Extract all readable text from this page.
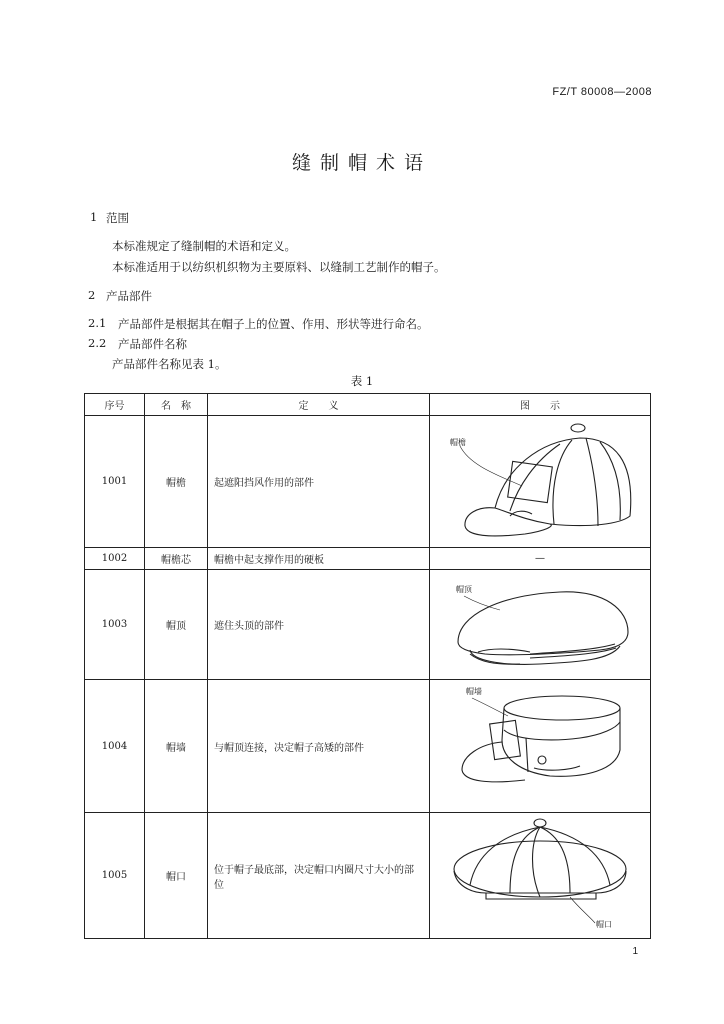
FZ/T 80008—2008
缝制帽术语
1 范围
本标准规定了缝制帽的术语和定义。
本标准适用于以纺织机织物为主要原料、以缝制工艺制作的帽子。
2 产品部件
2.1 产品部件是根据其在帽子上的位置、作用、形状等进行命名。
2.2 产品部件名称
产品部件名称见表 1。
表 1
序号	名　称	定　　义	图　　示
1001	帽檐	起遮阳挡风作用的部件	帽檐

1002	帽檐芯	帽檐中起支撑作用的硬板	—
1003	帽顶	遮住头顶的部件	帽顶

1004	帽墙	与帽顶连接，决定帽子高矮的部件	帽墙

1005	帽口	位于帽子最底部，决定帽口内圈尺寸大小的部位	帽口
1
